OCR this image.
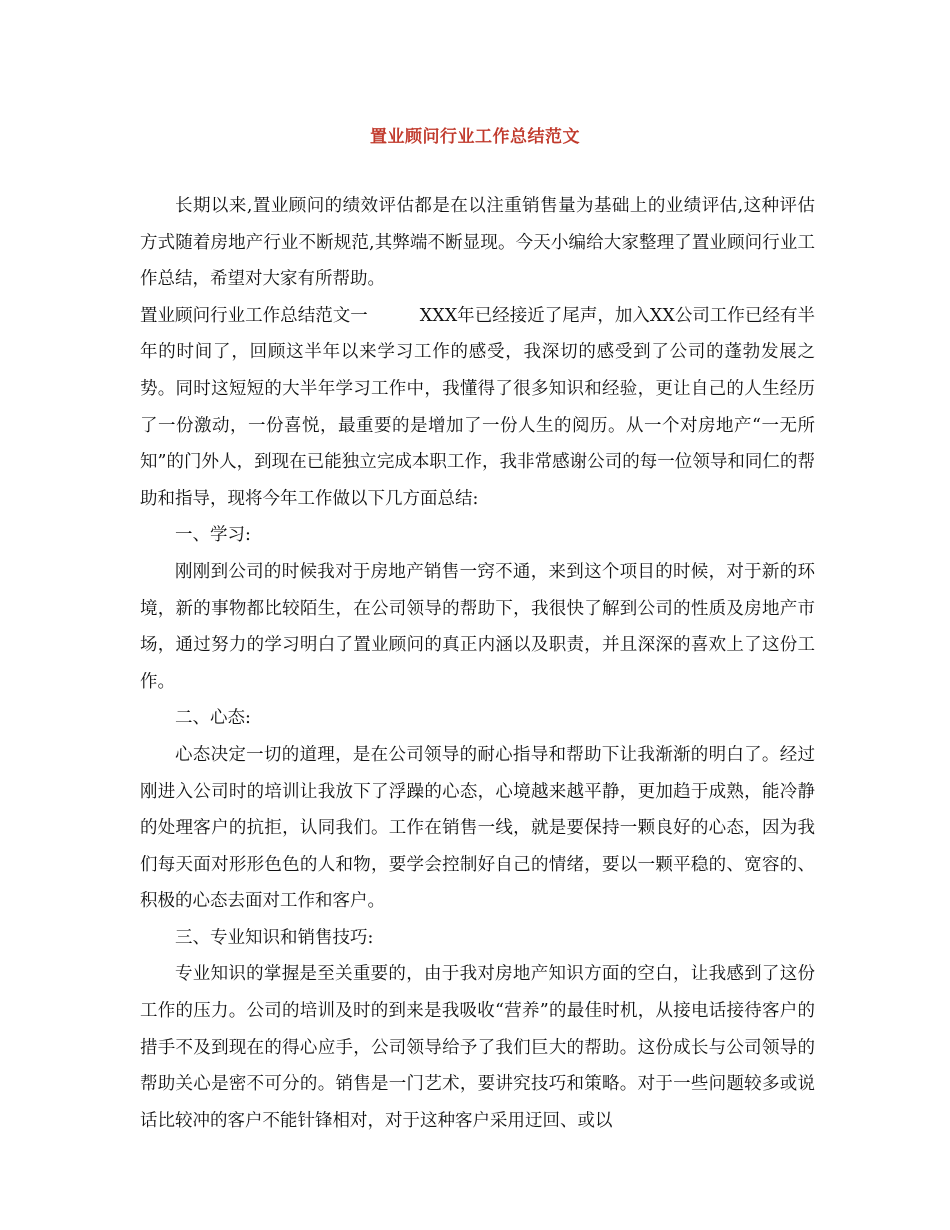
置业顾问行业工作总结范文

长期以来,置业顾问的绩效评估都是在以注重销售量为基础上的业绩评估,这种评估方式随着房地产行业不断规范,其弊端不断显现。今天小编给大家整理了置业顾问行业工作总结，希望对大家有所帮助。

置业顾问行业工作总结范文一	XXX年已经接近了尾声，加入XX公司工作已经有半年的时间了，回顾这半年以来学习工作的感受，我深切的感受到了公司的蓬勃发展之势。同时这短短的大半年学习工作中，我懂得了很多知识和经验，更让自己的人生经历了一份激动，一份喜悦，最重要的是增加了一份人生的阅历。从一个对房地产“一无所知”的门外人，到现在已能独立完成本职工作，我非常感谢公司的每一位领导和同仁的帮助和指导，现将今年工作做以下几方面总结:

一、学习:

刚刚到公司的时候我对于房地产销售一窍不通，来到这个项目的时候，对于新的环境，新的事物都比较陌生，在公司领导的帮助下，我很快了解到公司的性质及房地产市场，通过努力的学习明白了置业顾问的真正内涵以及职责，并且深深的喜欢上了这份工作。

二、心态:

心态决定一切的道理，是在公司领导的耐心指导和帮助下让我渐渐的明白了。经过刚进入公司时的培训让我放下了浮躁的心态，心境越来越平静，更加趋于成熟，能冷静的处理客户的抗拒，认同我们。工作在销售一线，就是要保持一颗良好的心态，因为我们每天面对形形色色的人和物，要学会控制好自己的情绪，要以一颗平稳的、宽容的、积极的心态去面对工作和客户。

三、专业知识和销售技巧:

专业知识的掌握是至关重要的，由于我对房地产知识方面的空白，让我感到了这份工作的压力。公司的培训及时的到来是我吸收“营养”的最佳时机，从接电话接待客户的措手不及到现在的得心应手，公司领导给予了我们巨大的帮助。这份成长与公司领导的帮助关心是密不可分的。销售是一门艺术，要讲究技巧和策略。对于一些问题较多或说话比较冲的客户不能针锋相对，对于这种客户采用迂回、或以
